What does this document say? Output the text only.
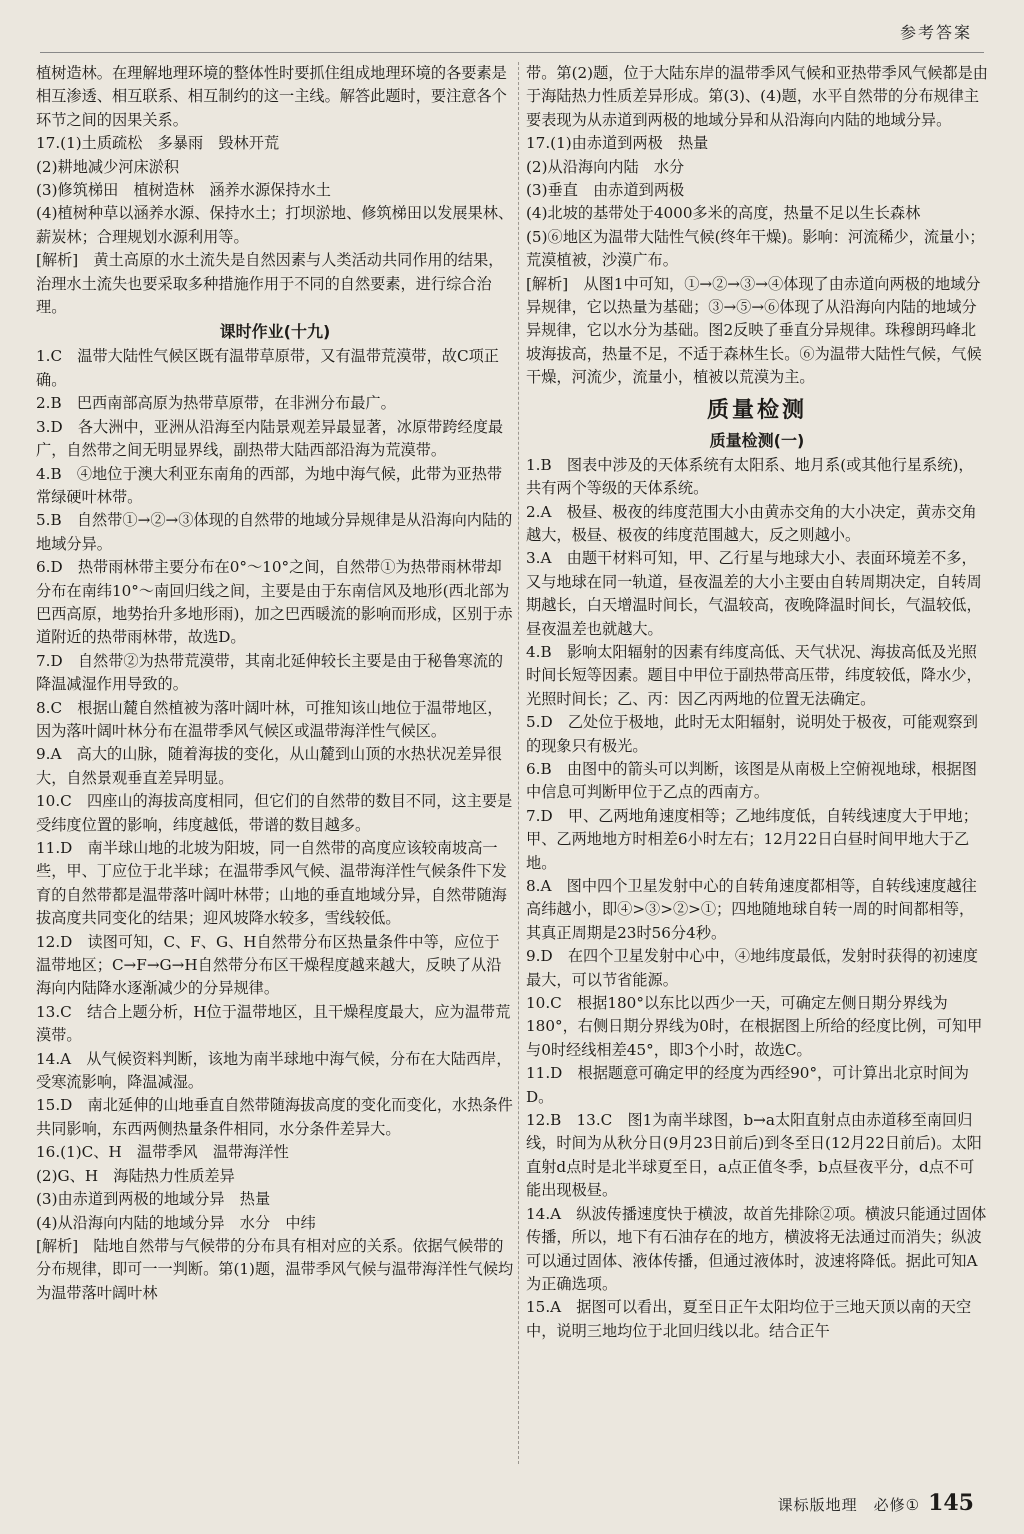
参考答案

植树造林。在理解地理环境的整体性时要抓住组成地理环境的各要素是相互渗透、相互联系、相互制约的这一主线。解答此题时，要注意各个环节之间的因果关系。

17.(1)土质疏松　多暴雨　毁林开荒

(2)耕地减少河床淤积

(3)修筑梯田　植树造林　涵养水源保持水土

(4)植树种草以涵养水源、保持水土；打坝淤地、修筑梯田以发展果林、薪炭林；合理规划水源利用等。

[解析]　黄土高原的水土流失是自然因素与人类活动共同作用的结果，治理水土流失也要采取多种措施作用于不同的自然要素，进行综合治理。

课时作业(十九)

1.C　温带大陆性气候区既有温带草原带，又有温带荒漠带，故C项正确。

2.B　巴西南部高原为热带草原带，在非洲分布最广。

3.D　各大洲中，亚洲从沿海至内陆景观差异最显著，冰原带跨经度最广，自然带之间无明显界线，副热带大陆西部沿海为荒漠带。

4.B　④地位于澳大利亚东南角的西部，为地中海气候，此带为亚热带常绿硬叶林带。

5.B　自然带①→②→③体现的自然带的地域分异规律是从沿海向内陆的地域分异。

6.D　热带雨林带主要分布在0°～10°之间，自然带①为热带雨林带却分布在南纬10°～南回归线之间，主要是由于东南信风及地形(西北部为巴西高原，地势抬升多地形雨)，加之巴西暖流的影响而形成，区别于赤道附近的热带雨林带，故选D。

7.D　自然带②为热带荒漠带，其南北延伸较长主要是由于秘鲁寒流的降温减湿作用导致的。

8.C　根据山麓自然植被为落叶阔叶林，可推知该山地位于温带地区，因为落叶阔叶林分布在温带季风气候区或温带海洋性气候区。

9.A　高大的山脉，随着海拔的变化，从山麓到山顶的水热状况差异很大，自然景观垂直差异明显。

10.C　四座山的海拔高度相同，但它们的自然带的数目不同，这主要是受纬度位置的影响，纬度越低，带谱的数目越多。

11.D　南半球山地的北坡为阳坡，同一自然带的高度应该较南坡高一些，甲、丁应位于北半球；在温带季风气候、温带海洋性气候条件下发育的自然带都是温带落叶阔叶林带；山地的垂直地域分异，自然带随海拔高度共同变化的结果；迎风坡降水较多，雪线较低。

12.D　读图可知，C、F、G、H自然带分布区热量条件中等，应位于温带地区；C→F→G→H自然带分布区干燥程度越来越大，反映了从沿海向内陆降水逐渐减少的分异规律。

13.C　结合上题分析，H位于温带地区，且干燥程度最大，应为温带荒漠带。

14.A　从气候资料判断，该地为南半球地中海气候，分布在大陆西岸，受寒流影响，降温减湿。

15.D　南北延伸的山地垂直自然带随海拔高度的变化而变化，水热条件共同影响，东西两侧热量条件相同，水分条件差异大。

16.(1)C、H　温带季风　温带海洋性

(2)G、H　海陆热力性质差异

(3)由赤道到两极的地域分异　热量

(4)从沿海向内陆的地域分异　水分　中纬

[解析]　陆地自然带与气候带的分布具有相对应的关系。依据气候带的分布规律，即可一一判断。第(1)题，温带季风气候与温带海洋性气候均为温带落叶阔叶林

带。第(2)题，位于大陆东岸的温带季风气候和亚热带季风气候都是由于海陆热力性质差异形成。第(3)、(4)题，水平自然带的分布规律主要表现为从赤道到两极的地域分异和从沿海向内陆的地域分异。

17.(1)由赤道到两极　热量

(2)从沿海向内陆　水分

(3)垂直　由赤道到两极

(4)北坡的基带处于4000多米的高度，热量不足以生长森林

(5)⑥地区为温带大陆性气候(终年干燥)。影响：河流稀少，流量小；荒漠植被，沙漠广布。

[解析]　从图1中可知，①→②→③→④体现了由赤道向两极的地域分异规律，它以热量为基础；③→⑤→⑥体现了从沿海向内陆的地域分异规律，它以水分为基础。图2反映了垂直分异规律。珠穆朗玛峰北坡海拔高，热量不足，不适于森林生长。⑥为温带大陆性气候，气候干燥，河流少，流量小，植被以荒漠为主。

质量检测

质量检测(一)

1.B　图表中涉及的天体系统有太阳系、地月系(或其他行星系统)，共有两个等级的天体系统。

2.A　极昼、极夜的纬度范围大小由黄赤交角的大小决定，黄赤交角越大，极昼、极夜的纬度范围越大，反之则越小。

3.A　由题干材料可知，甲、乙行星与地球大小、表面环境差不多，又与地球在同一轨道，昼夜温差的大小主要由自转周期决定，自转周期越长，白天增温时间长，气温较高，夜晚降温时间长，气温较低，昼夜温差也就越大。

4.B　影响太阳辐射的因素有纬度高低、天气状况、海拔高低及光照时间长短等因素。题目中甲位于副热带高压带，纬度较低，降水少，光照时间长；乙、丙：因乙丙两地的位置无法确定。

5.D　乙处位于极地，此时无太阳辐射，说明处于极夜，可能观察到的现象只有极光。

6.B　由图中的箭头可以判断，该图是从南极上空俯视地球，根据图中信息可判断甲位于乙点的西南方。

7.D　甲、乙两地角速度相等；乙地纬度低，自转线速度大于甲地；甲、乙两地地方时相差6小时左右；12月22日白昼时间甲地大于乙地。

8.A　图中四个卫星发射中心的自转角速度都相等，自转线速度越往高纬越小，即④>③>②>①；四地随地球自转一周的时间都相等，其真正周期是23时56分4秒。

9.D　在四个卫星发射中心中，④地纬度最低，发射时获得的初速度最大，可以节省能源。

10.C　根据180°以东比以西少一天，可确定左侧日期分界线为180°，右侧日期分界线为0时，在根据图上所给的经度比例，可知甲与0时经线相差45°，即3个小时，故选C。

11.D　根据题意可确定甲的经度为西经90°，可计算出北京时间为D。

12.B　13.C　图1为南半球图，b→a太阳直射点由赤道移至南回归线，时间为从秋分日(9月23日前后)到冬至日(12月22日前后)。太阳直射d点时是北半球夏至日，a点正值冬季，b点昼夜平分，d点不可能出现极昼。

14.A　纵波传播速度快于横波，故首先排除②项。横波只能通过固体传播，所以，地下有石油存在的地方，横波将无法通过而消失；纵波可以通过固体、液体传播，但通过液体时，波速将降低。据此可知A为正确选项。

15.A　据图可以看出，夏至日正午太阳均位于三地天顶以南的天空中，说明三地均位于北回归线以北。结合正午

课标版地理　必修① 145
